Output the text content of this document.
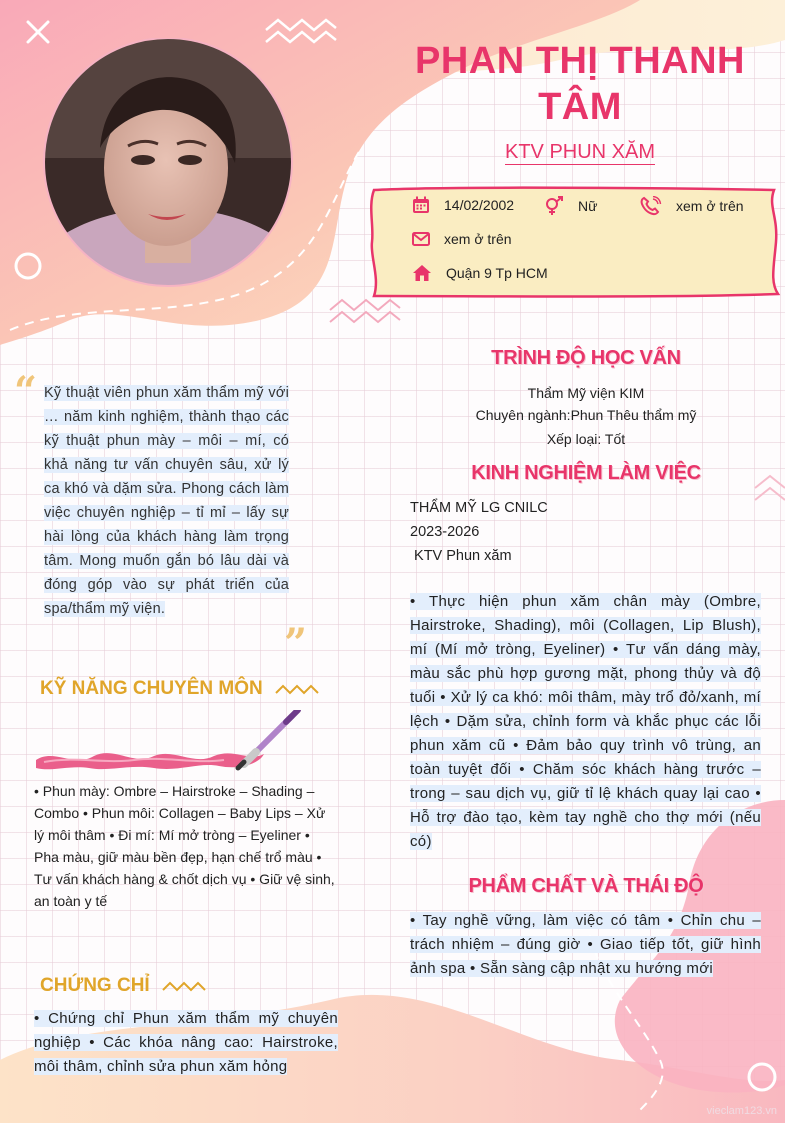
PHAN THỊ THANH TÂM
KTV PHUN XĂM
14/02/2002	Nữ	xem ở trên
xem ở trên
Quận 9 Tp HCM
“ Kỹ thuật viên phun xăm thẩm mỹ với … năm kinh nghiệm, thành thạo các kỹ thuật phun mày – môi – mí, có khả năng tư vấn chuyên sâu, xử lý ca khó và dặm sửa. Phong cách làm việc chuyên nghiệp – tỉ mỉ – lấy sự hài lòng của khách hàng làm trọng tâm. Mong muốn gắn bó lâu dài và đóng góp vào sự phát triển của spa/thẩm mỹ viện.
”
KỸ NĂNG CHUYÊN MÔN
• Phun mày: Ombre – Hairstroke – Shading – Combo • Phun môi: Collagen – Baby Lips – Xử lý môi thâm • Đi mí: Mí mở tròng – Eyeliner • Pha màu, giữ màu bền đẹp, hạn chế trổ màu • Tư vấn khách hàng & chốt dịch vụ • Giữ vệ sinh, an toàn y tế
CHỨNG CHỈ
• Chứng chỉ Phun xăm thẩm mỹ chuyên nghiệp • Các khóa nâng cao: Hairstroke, môi thâm, chỉnh sửa phun xăm hỏng
TRÌNH ĐỘ HỌC VẤN
Thẩm Mỹ viện KIM
Chuyên ngành:Phun Thêu thẩm mỹ
Xếp loại: Tốt
KINH NGHIỆM LÀM VIỆC
THẨM MỸ LG CNILC
2023-2026
KTV Phun xăm
• Thực hiện phun xăm chân mày (Ombre, Hairstroke, Shading), môi (Collagen, Lip Blush), mí (Mí mở tròng, Eyeliner) • Tư vấn dáng mày, màu sắc phù hợp gương mặt, phong thủy và độ tuổi • Xử lý ca khó: môi thâm, mày trổ đỏ/xanh, mí lệch • Dặm sửa, chỉnh form và khắc phục các lỗi phun xăm cũ • Đảm bảo quy trình vô trùng, an toàn tuyệt đối • Chăm sóc khách hàng trước – trong – sau dịch vụ, giữ tỉ lệ khách quay lại cao • Hỗ trợ đào tạo, kèm tay nghề cho thợ mới (nếu có)
PHẨM CHẤT VÀ THÁI ĐỘ
• Tay nghề vững, làm việc có tâm • Chỉn chu – trách nhiệm – đúng giờ • Giao tiếp tốt, giữ hình ảnh spa • Sẵn sàng cập nhật xu hướng mới
vieclam123.vn
